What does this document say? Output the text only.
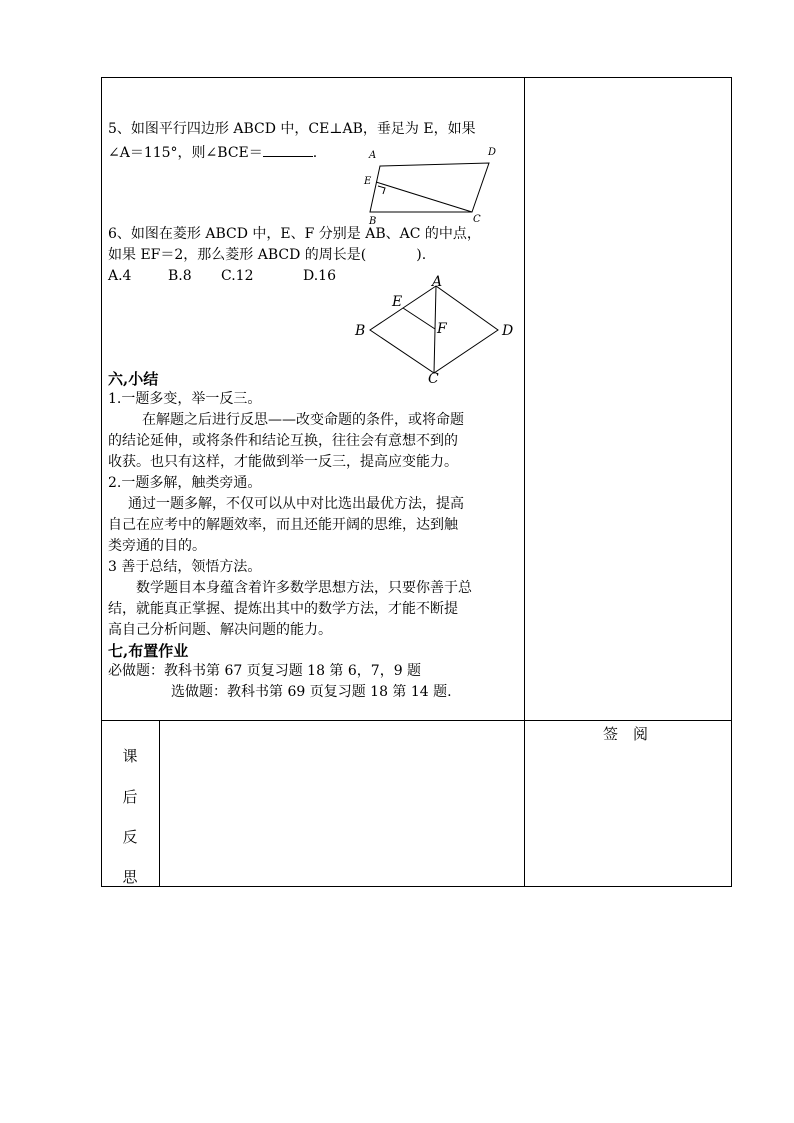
5、如图平行四边形 ABCD 中，CE⊥AB，垂足为 E，如果
∠A＝115°，则∠BCE＝	.	A	D
E
B	C
6、如图在菱形 ABCD 中，E、F 分别是 AB、AC 的中点，
如果 EF＝2，那么菱形 ABCD 的周长是(	).
A.4	B.8 C.12	D.16	A
B
C
D
E
F
六,小结
1.一题多变，举一反三。
在解题之后进行反思——改变命题的条件，或将命题
的结论延伸，或将条件和结论互换，往往会有意想不到的
收获。也只有这样，才能做到举一反三，提高应变能力。
2.一题多解，触类旁通。
通过一题多解，不仅可以从中对比选出最优方法，提高
自己在应考中的解题效率，而且还能开阔的思维，达到触
类旁通的目的。
3 善于总结，领悟方法。
数学题目本身蕴含着许多数学思想方法，只要你善于总
结，就能真正掌握、提炼出其中的数学方法，才能不断提
高自己分析问题、解决问题的能力。
七,布置作业
必做题：教科书第 67 页复习题 18 第 6，7，9 题
选做题：教科书第 69 页复习题 18 第 14 题.
课
后
反
思
签　阅
